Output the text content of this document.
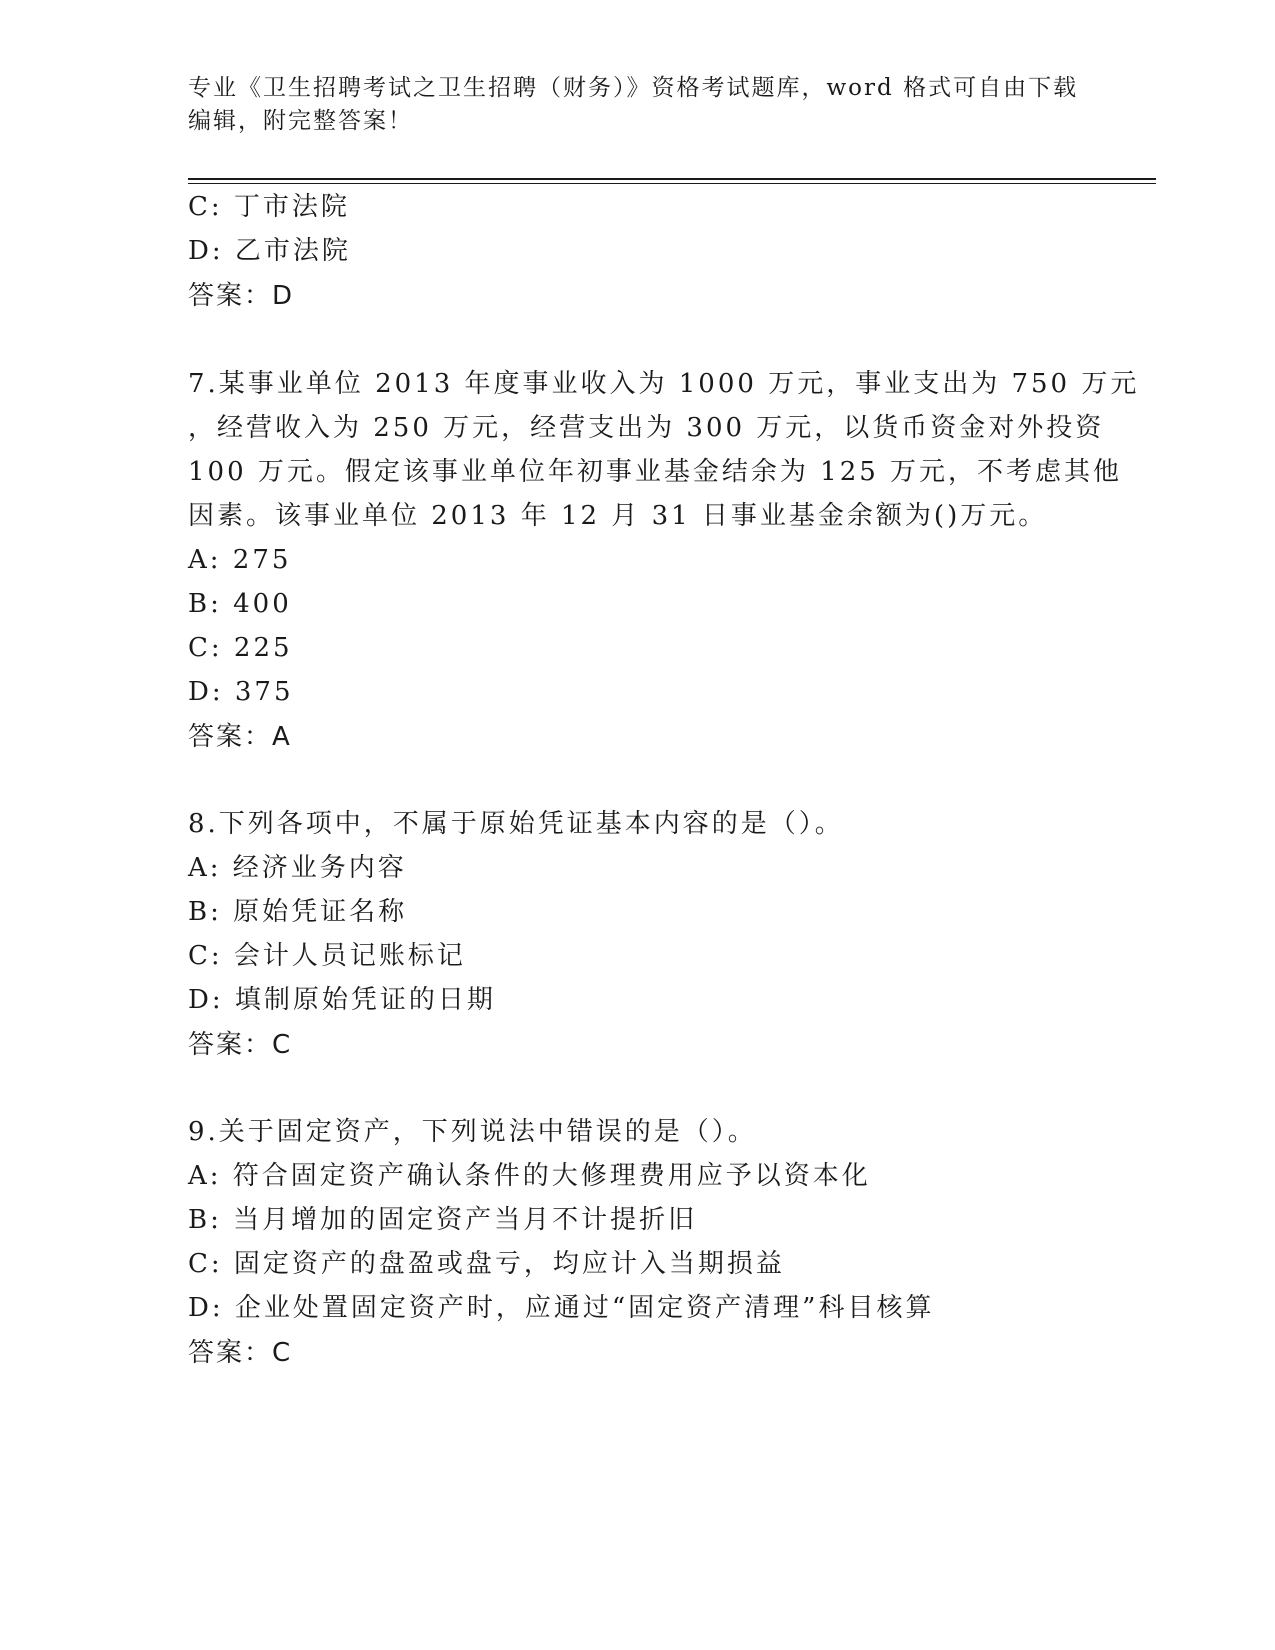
专业《卫生招聘考试之卫生招聘（财务）》资格考试题库，word 格式可自由下载
编辑，附完整答案！
C: 丁市法院
D: 乙市法院
答案：D
7.某事业单位 2013 年度事业收入为 1000 万元，事业支出为 750 万元
，经营收入为 250 万元，经营支出为 300 万元，以货币资金对外投资
100 万元。假定该事业单位年初事业基金结余为 125 万元，不考虑其他
因素。该事业单位 2013 年 12 月 31 日事业基金余额为()万元。
A: 275
B: 400
C: 225
D: 375
答案：A
8.下列各项中，不属于原始凭证基本内容的是（）。
A: 经济业务内容
B: 原始凭证名称
C: 会计人员记账标记
D: 填制原始凭证的日期
答案：C
9.关于固定资产，下列说法中错误的是（）。
A: 符合固定资产确认条件的大修理费用应予以资本化
B: 当月增加的固定资产当月不计提折旧
C: 固定资产的盘盈或盘亏，均应计入当期损益
D: 企业处置固定资产时，应通过“固定资产清理”科目核算
答案：C
